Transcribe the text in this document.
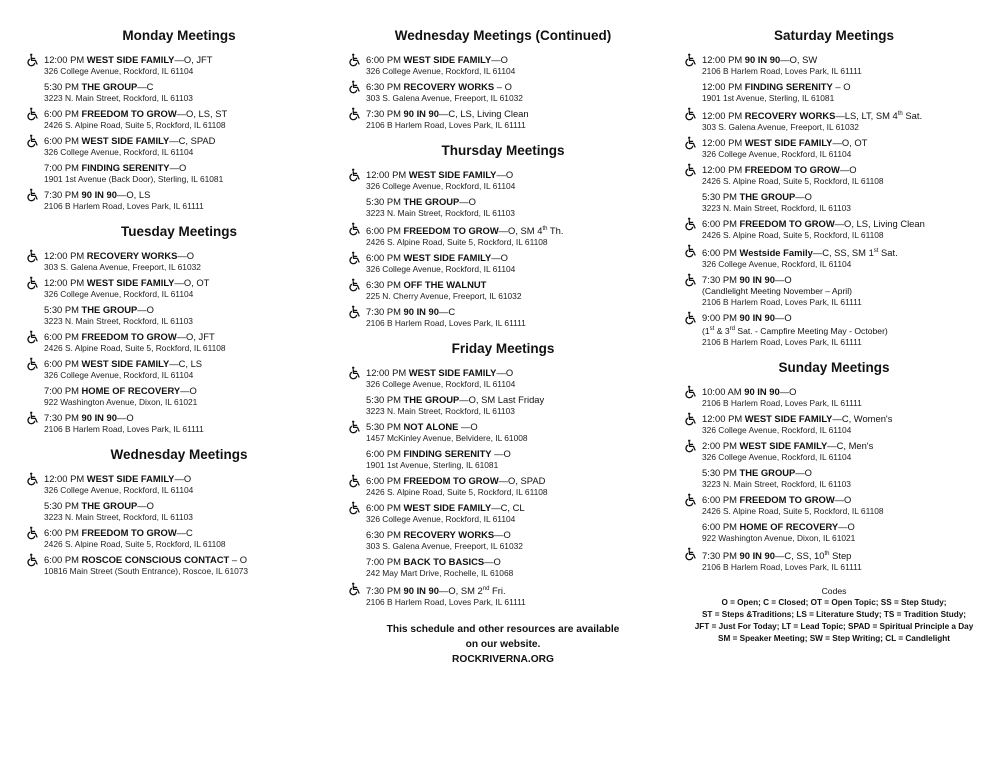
Monday Meetings
12:00 PM WEST SIDE FAMILY—O, JFT
326 College Avenue, Rockford, IL 61104
5:30 PM THE GROUP—C
3223 N. Main Street, Rockford, IL 61103
6:00 PM FREEDOM TO GROW—O, LS, ST
2426 S. Alpine Road, Suite 5, Rockford, IL 61108
6:00 PM WEST SIDE FAMILY—C, SPAD
326 College Avenue, Rockford, IL 61104
7:00 PM FINDING SERENITY—O
1901 1st Avenue (Back Door), Sterling, IL 61081
7:30 PM 90 IN 90—O, LS
2106 B Harlem Road, Loves Park, IL 61111
Tuesday Meetings
12:00 PM RECOVERY WORKS—O
303 S. Galena Avenue, Freeport, IL 61032
12:00 PM WEST SIDE FAMILY—O, OT
326 College Avenue, Rockford, IL 61104
5:30 PM THE GROUP—O
3223 N. Main Street, Rockford, IL 61103
6:00 PM FREEDOM TO GROW—O, JFT
2426 S. Alpine Road, Suite 5, Rockford, IL 61108
6:00 PM WEST SIDE FAMILY—C, LS
326 College Avenue, Rockford, IL 61104
7:00 PM HOME OF RECOVERY—O
922 Washington Avenue, Dixon, IL 61021
7:30 PM 90 IN 90—O
2106 B Harlem Road, Loves Park, IL 61111
Wednesday Meetings
12:00 PM WEST SIDE FAMILY—O
326 College Avenue, Rockford, IL 61104
5:30 PM THE GROUP—O
3223 N. Main Street, Rockford, IL 61103
6:00 PM FREEDOM TO GROW—C
2426 S. Alpine Road, Suite 5, Rockford, IL 61108
6:00 PM ROSCOE CONSCIOUS CONTACT – O
10816 Main Street (South Entrance), Roscoe, IL 61073
Wednesday Meetings (Continued)
6:00 PM WEST SIDE FAMILY—O
326 College Avenue, Rockford, IL 61104
6:30 PM RECOVERY WORKS – O
303 S. Galena Avenue, Freeport, IL 61032
7:30 PM 90 IN 90—C, LS, Living Clean
2106 B Harlem Road, Loves Park, IL 61111
Thursday Meetings
12:00 PM WEST SIDE FAMILY—O
326 College Avenue, Rockford, IL 61104
5:30 PM THE GROUP—O
3223 N. Main Street, Rockford, IL 61103
6:00 PM FREEDOM TO GROW—O, SM 4th Th.
2426 S. Alpine Road, Suite 5, Rockford, IL 61108
6:00 PM WEST SIDE FAMILY—O
326 College Avenue, Rockford, IL 61104
6:30 PM OFF THE WALNUT
225 N. Cherry Avenue, Freeport, IL 61032
7:30 PM 90 IN 90—C
2106 B Harlem Road, Loves Park, IL 61111
Friday Meetings
12:00 PM WEST SIDE FAMILY—O
326 College Avenue, Rockford, IL 61104
5:30 PM THE GROUP—O, SM Last Friday
3223 N. Main Street, Rockford, IL 61103
5:30 PM NOT ALONE —O
1457 McKinley Avenue, Belvidere, IL 61008
6:00 PM FINDING SERENITY —O
1901 1st Avenue, Sterling, IL 61081
6:00 PM FREEDOM TO GROW—O, SPAD
2426 S. Alpine Road, Suite 5, Rockford, IL 61108
6:00 PM WEST SIDE FAMILY—C, CL
326 College Avenue, Rockford, IL 61104
6:30 PM RECOVERY WORKS—O
303 S. Galena Avenue, Freeport, IL 61032
7:00 PM BACK TO BASICS—O
242 May Mart Drive, Rochelle, IL 61068
7:30 PM 90 IN 90—O, SM 2nd Fri.
2106 B Harlem Road, Loves Park, IL 61111
This schedule and other resources are available
on our website.
ROCKRIVERNA.ORG
Saturday Meetings
12:00 PM 90 IN 90—O, SW
2106 B Harlem Road, Loves Park, IL 61111
12:00 PM FINDING SERENITY – O
1901 1st Avenue, Sterling, IL 61081
12:00 PM RECOVERY WORKS—LS, LT, SM 4th Sat.
303 S. Galena Avenue, Freeport, IL 61032
12:00 PM WEST SIDE FAMILY—O, OT
326 College Avenue, Rockford, IL 61104
12:00 PM FREEDOM TO GROW—O
2426 S. Alpine Road, Suite 5, Rockford, IL 61108
5:30 PM THE GROUP—O
3223 N. Main Street, Rockford, IL 61103
6:00 PM FREEDOM TO GROW—O, LS, Living Clean
2426 S. Alpine Road, Suite 5, Rockford, IL 61108
6:00 PM Westside Family—C, SS, SM 1st Sat.
326 College Avenue, Rockford, IL 61104
7:30 PM 90 IN 90—O
(Candlelight Meeting November – April)
2106 B Harlem Road, Loves Park, IL 61111
9:00 PM 90 IN 90—O
(1st & 3rd Sat. - Campfire Meeting May - October)
2106 B Harlem Road, Loves Park, IL 61111
Sunday Meetings
10:00 AM 90 IN 90—O
2106 B Harlem Road, Loves Park, IL 61111
12:00 PM WEST SIDE FAMILY—C, Women's
326 College Avenue, Rockford, IL 61104
2:00 PM WEST SIDE FAMILY—C, Men's
326 College Avenue, Rockford, IL 61104
5:30 PM THE GROUP—O
3223 N. Main Street, Rockford, IL 61103
6:00 PM FREEDOM TO GROW—O
2426 S. Alpine Road, Suite 5, Rockford, IL 61108
6:00 PM HOME OF RECOVERY—O
922 Washington Avenue, Dixon, IL 61021
7:30 PM 90 IN 90—C, SS, 10th Step
2106 B Harlem Road, Loves Park, IL 61111
Codes
O = Open; C = Closed; OT = Open Topic; SS = Step Study;
ST = Steps &Traditions; LS = Literature Study; TS = Tradition Study;
JFT = Just For Today; LT = Lead Topic; SPAD = Spiritual Principle a Day
SM = Speaker Meeting; SW = Step Writing; CL = Candlelight
